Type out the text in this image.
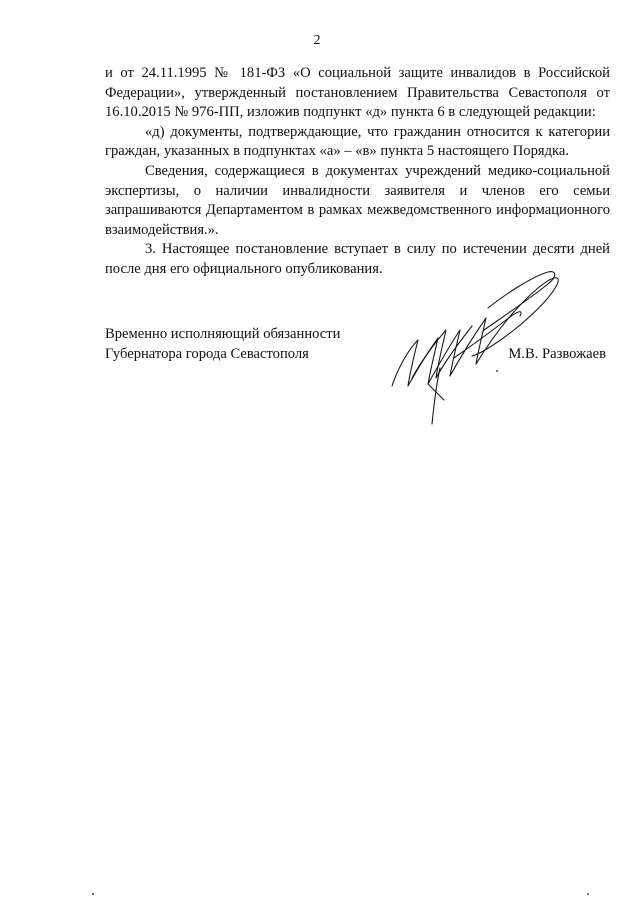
2

и от 24.11.1995 № 181-ФЗ «О социальной защите инвалидов в Российской Федерации», утвержденный постановлением Правительства Севастополя от 16.10.2015 № 976-ПП, изложив подпункт «д» пункта 6 в следующей редакции:

«д) документы, подтверждающие, что гражданин относится к категории граждан, указанных в подпунктах «а» – «в» пункта 5 настоящего Порядка.

Сведения, содержащиеся в документах учреждений медико-социальной экспертизы, о наличии инвалидности заявителя и членов его семьи запрашиваются Департаментом в рамках межведомственного информационного взаимодействия.».

3. Настоящее постановление вступает в силу по истечении десяти дней после дня его официального опубликования.

Временно исполняющий обязанности
Губернатора города Севастополя	М.В. Развожаев
